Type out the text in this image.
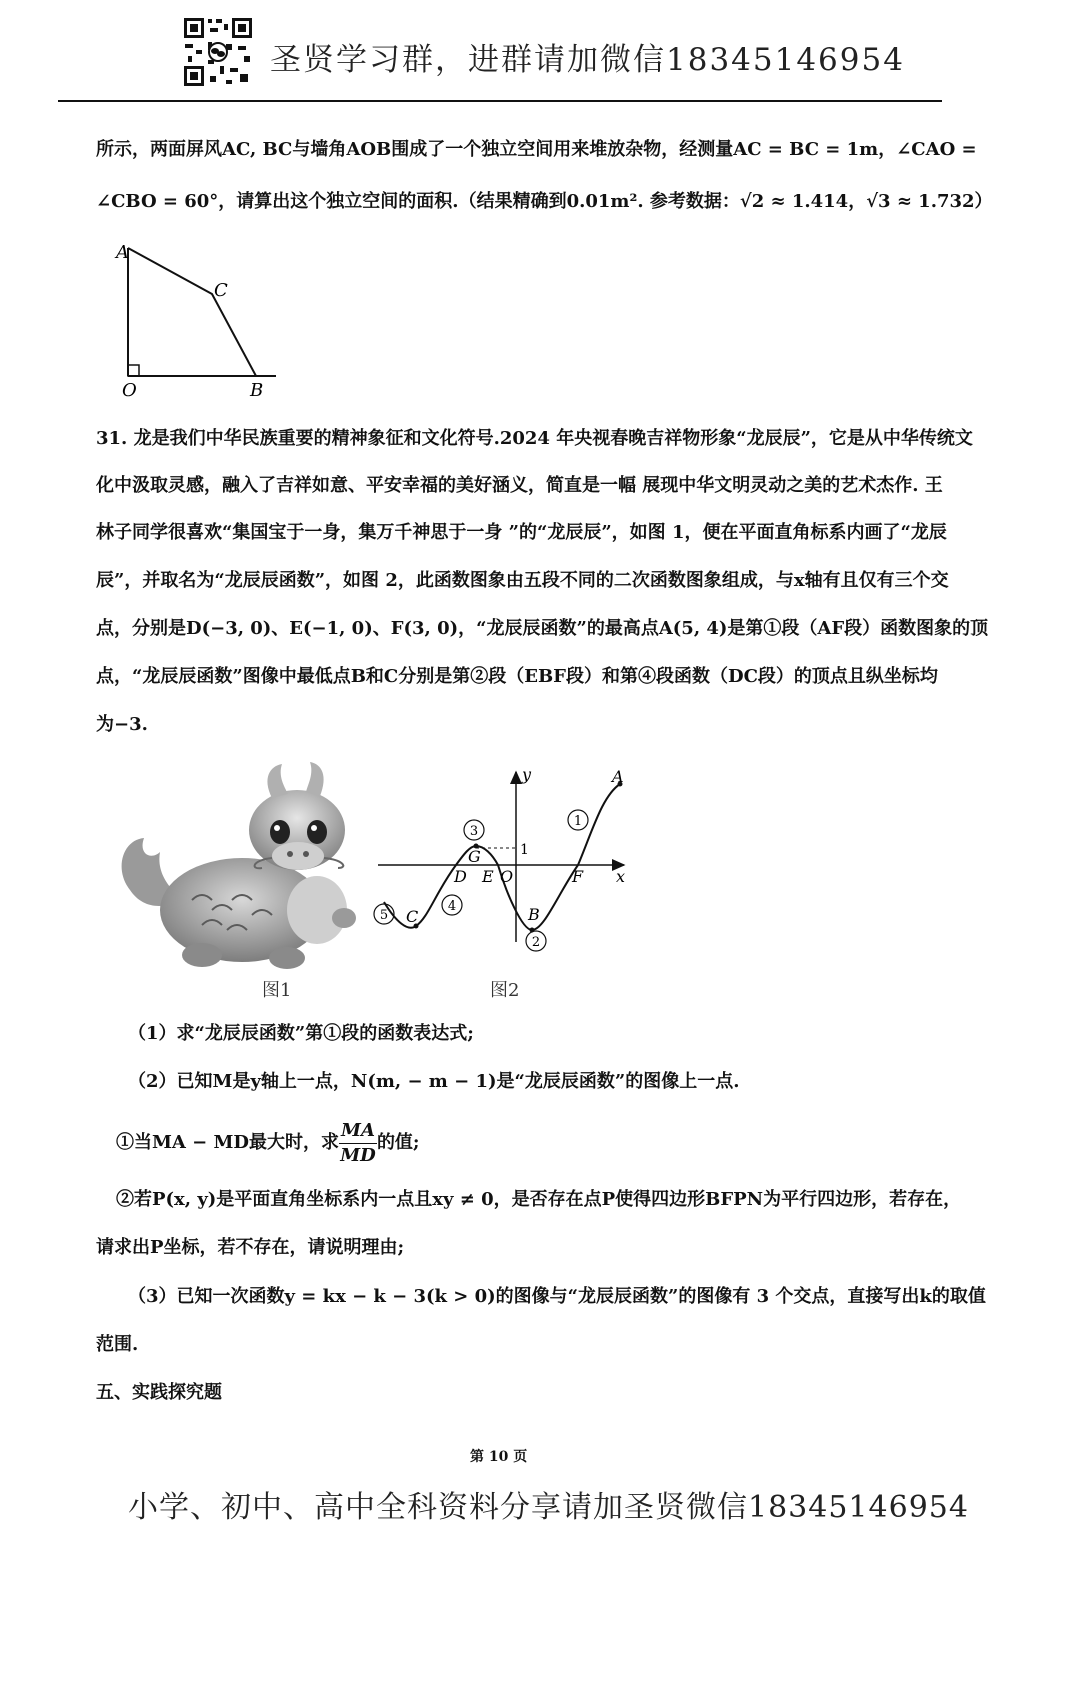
圣贤学习群，进群请加微信18345146954
所示，两面屏风AC, BC与墙角AOB围成了一个独立空间用来堆放杂物，经测量AC = BC = 1m，∠CAO =
∠CBO = 60°，请算出这个独立空间的面积.（结果精确到0.01m². 参考数据：√2 ≈ 1.414，√3 ≈ 1.732）
A
C
O	B
31. 龙是我们中华民族重要的精神象征和文化符号.2024 年央视春晚吉祥物形象“龙辰辰”，它是从中华传统文
化中汲取灵感，融入了吉祥如意、平安幸福的美好涵义，简直是一幅 展现中华文明灵动之美的艺术杰作. 王
林子同学很喜欢“集国宝于一身，集万千神思于一身 ”的“龙辰辰”，如图 1，便在平面直角标系内画了“龙辰
辰”，并取名为“龙辰辰函数”，如图 2，此函数图象由五段不同的二次函数图象组成，与x轴有且仅有三个交
点，分别是D(−3, 0)、E(−1, 0)、F(3, 0)，“龙辰辰函数”的最高点A(5, 4)是第①段（AF段）函数图象的顶
点，“龙辰辰函数”图像中最低点B和C分别是第②段（EBF段）和第④段函数（DC段）的顶点且纵坐标均
为−3.
图1
y
x
A
B
C
D E O	F
G	1
1
2
3
4
5
图2
（1）求“龙辰辰函数”第①段的函数表达式;
（2）已知M是y轴上一点，N(m, − m − 1)是“龙辰辰函数”的图像上一点.
①当MA − MD最大时，求 $\frac{MA}{MD}$ 的值;
②若P(x, y)是平面直角坐标系内一点且xy ≠ 0，是否存在点P使得四边形BFPN为平行四边形，若存在，
请求出P坐标，若不存在，请说明理由;
（3）已知一次函数y = kx − k − 3(k > 0)的图像与“龙辰辰函数”的图像有 3 个交点，直接写出k的取值
范围.
五、实践探究题
第 10 页
小学、初中、高中全科资料分享请加圣贤微信18345146954
